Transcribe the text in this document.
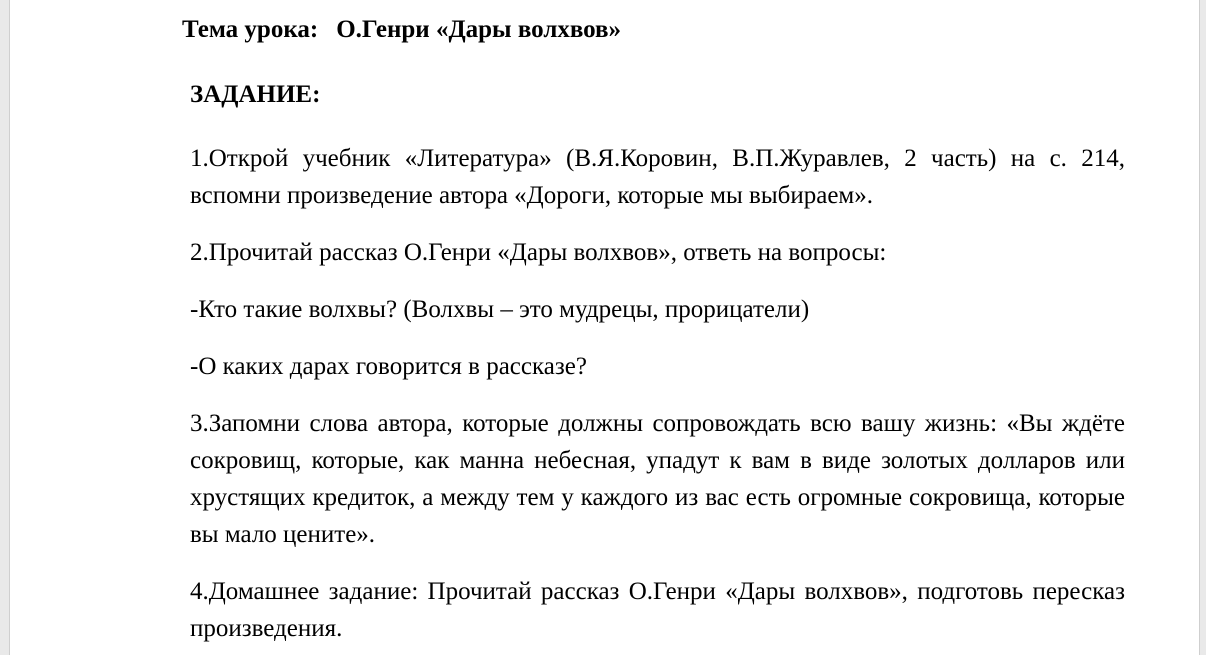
Тема урока: О.Генри «Дары волхвов»
ЗАДАНИЕ:

1.Открой учебник «Литература» (В.Я.Коровин, В.П.Журавлев, 2 часть) на с. 214, вспомни произведение автора «Дороги, которые мы выбираем».

2.Прочитай рассказ О.Генри «Дары волхвов», ответь на вопросы:

-Кто такие волхвы? (Волхвы – это мудрецы, прорицатели)

-О каких дарах говорится в рассказе?

3.Запомни слова автора, которые должны сопровождать всю вашу жизнь: «Вы ждёте сокровищ, которые, как манна небесная, упадут к вам в виде золотых долларов или хрустящих кредиток, а между тем у каждого из вас есть огромные сокровища, которые вы мало цените».

4.Домашнее задание: Прочитай рассказ О.Генри «Дары волхвов», подготовь пересказ произведения.
